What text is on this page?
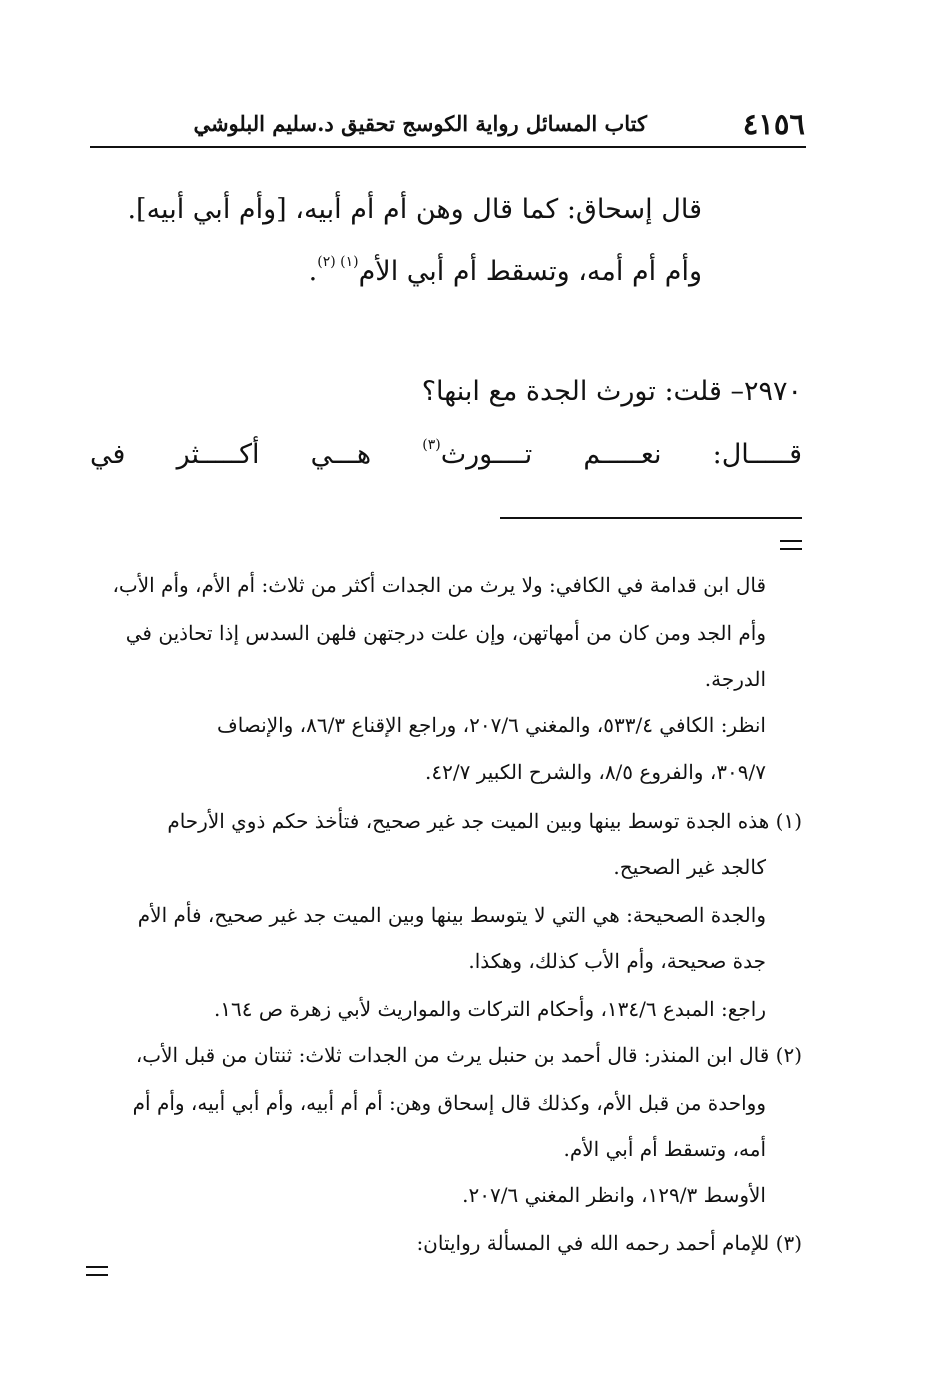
٤١٥٦
كتاب المسائل رواية الكوسج تحقيق د.سليم البلوشي
قال إسحاق: كما قال وهن أم أم أبيه، [وأم أبي أبيه].
وأم أم أمه، وتسقط أم أبي الأم$^{(١) (٢)}$.
٢٩٧٠– قلت: تورث الجدة مع ابنها؟
قـــــال:
نعـــــم
تــــورث$^{(٣)}$
هـــي
أكـــــثر
في
قال ابن قدامة في الكافي: ولا يرث من الجدات أكثر من ثلاث: أم الأم، وأم الأب،
وأم الجد ومن كان من أمهاتهن، وإن علت درجتهن فلهن السدس إذا تحاذين في
الدرجة.
انظر: الكافي ٥٣٣/٤، والمغني ٢٠٧/٦، وراجع الإقناع ٨٦/٣، والإنصاف
٣٠٩/٧، والفروع ٨/٥، والشرح الكبير ٤٢/٧.
(١) هذه الجدة توسط بينها وبين الميت جد غير صحيح، فتأخذ حكم ذوي الأرحام
كالجد غير الصحيح.
والجدة الصحيحة: هي التي لا يتوسط بينها وبين الميت جد غير صحيح، فأم الأم
جدة صحيحة، وأم الأب كذلك، وهكذا.
راجع: المبدع ١٣٤/٦، وأحكام التركات والمواريث لأبي زهرة ص ١٦٤.
(٢) قال ابن المنذر: قال أحمد بن حنبل يرث من الجدات ثلاث: ثنتان من قبل الأب،
وواحدة من قبل الأم، وكذلك قال إسحاق وهن: أم أم أبيه، وأم أبي أبيه، وأم أم
أمه، وتسقط أم أبي الأم.
الأوسط ١٢٩/٣، وانظر المغني ٢٠٧/٦.
(٣) للإمام أحمد رحمه الله في المسألة روايتان:
